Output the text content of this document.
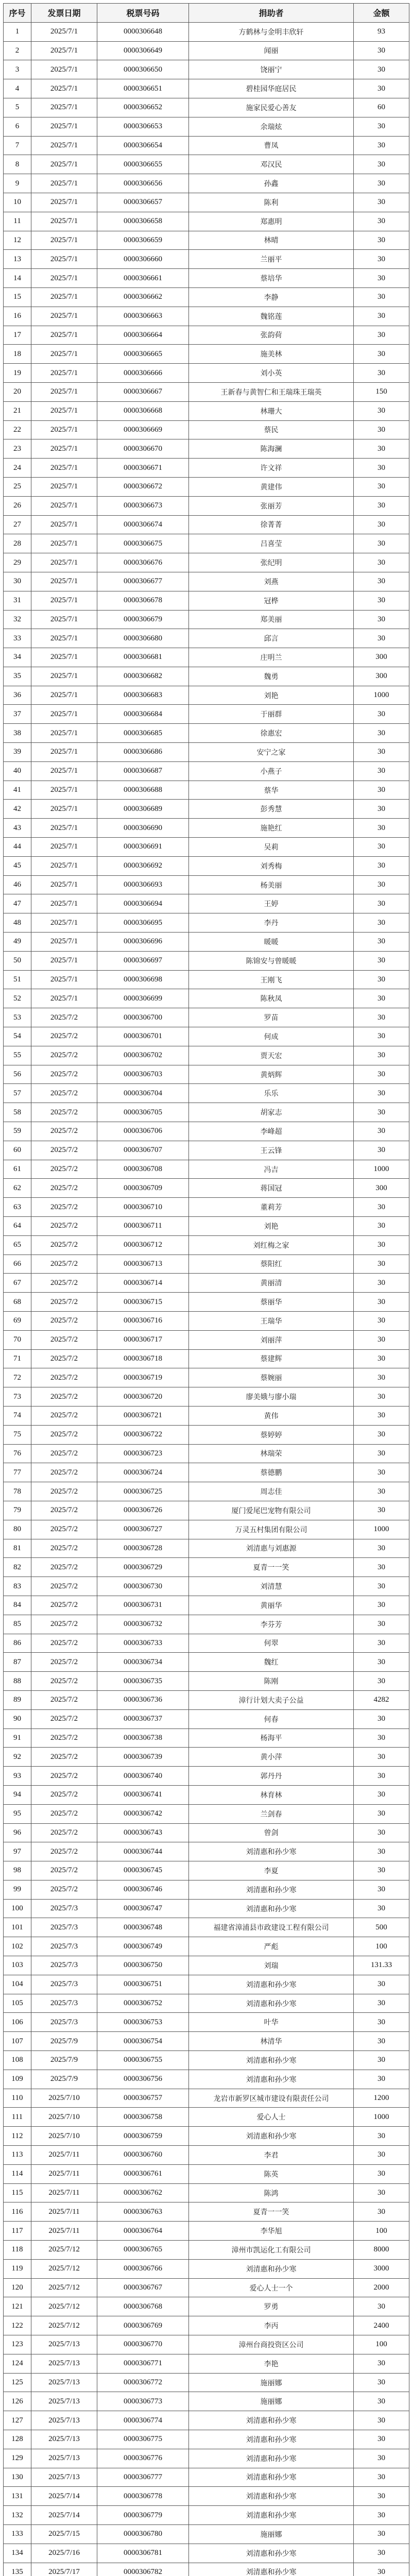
序号	发票日期	税票号码	捐助者	金额
1	2025/7/1	0000306648	方鹤林与金明丰欣轩	93
2	2025/7/1	0000306649	闻丽	30
3	2025/7/1	0000306650	饶丽宁	30
4	2025/7/1	0000306651	碧桂园华庭居民	30
5	2025/7/1	0000306652	施家民爱心善友	60
6	2025/7/1	0000306653	余瑞炫	30
7	2025/7/1	0000306654	曹凤	30
8	2025/7/1	0000306655	邓汉民	30
9	2025/7/1	0000306656	孙鑫	30
10	2025/7/1	0000306657	陈利	30
11	2025/7/1	0000306658	郑惠明	30
12	2025/7/1	0000306659	林晴	30
13	2025/7/1	0000306660	兰丽平	30
14	2025/7/1	0000306661	蔡培华	30
15	2025/7/1	0000306662	李静	30
16	2025/7/1	0000306663	魏铭莲	30
17	2025/7/1	0000306664	张韵荷	30
18	2025/7/1	0000306665	施美林	30
19	2025/7/1	0000306666	刘小英	30
20	2025/7/1	0000306667	王新春与黄智仁和王瑞珠王瑞英	150
21	2025/7/1	0000306668	林珊大	30
22	2025/7/1	0000306669	蔡民	30
23	2025/7/1	0000306670	陈海澜	30
24	2025/7/1	0000306671	许文祥	30
25	2025/7/1	0000306672	黄建伟	30
26	2025/7/1	0000306673	张丽芳	30
27	2025/7/1	0000306674	徐菁菁	30
28	2025/7/1	0000306675	吕喜莹	30
29	2025/7/1	0000306676	张纪明	30
30	2025/7/1	0000306677	刘燕	30
31	2025/7/1	0000306678	冠桦	30
32	2025/7/1	0000306679	郑美丽	30
33	2025/7/1	0000306680	邱言	30
34	2025/7/1	0000306681	庄明兰	300
35	2025/7/1	0000306682	魏勇	300
36	2025/7/1	0000306683	刘艳	1000
37	2025/7/1	0000306684	于丽群	30
38	2025/7/1	0000306685	徐惠宏	30
39	2025/7/1	0000306686	安宁之家	30
40	2025/7/1	0000306687	小燕子	30
41	2025/7/1	0000306688	蔡华	30
42	2025/7/1	0000306689	彭秀慧	30
43	2025/7/1	0000306690	施艳红	30
44	2025/7/1	0000306691	吴莉	30
45	2025/7/1	0000306692	刘秀梅	30
46	2025/7/1	0000306693	杨美丽	30
47	2025/7/1	0000306694	王婷	30
48	2025/7/1	0000306695	李丹	30
49	2025/7/1	0000306696	暖暖	30
50	2025/7/1	0000306697	陈锦安与曾暖暖	30
51	2025/7/1	0000306698	王刚飞	30
52	2025/7/1	0000306699	陈秋凤	30
53	2025/7/2	0000306700	罗苗	30
54	2025/7/2	0000306701	何成	30
55	2025/7/2	0000306702	贾天宏	30
56	2025/7/2	0000306703	黄炳辉	30
57	2025/7/2	0000306704	乐乐	30
58	2025/7/2	0000306705	胡家志	30
59	2025/7/2	0000306706	李峰超	30
60	2025/7/2	0000306707	王云锋	30
61	2025/7/2	0000306708	冯吉	1000
62	2025/7/2	0000306709	蒋国冠	300
63	2025/7/2	0000306710	董莉芳	30
64	2025/7/2	0000306711	刘艳	30
65	2025/7/2	0000306712	刘红梅之家	30
66	2025/7/2	0000306713	蔡阳红	30
67	2025/7/2	0000306714	黄丽清	30
68	2025/7/2	0000306715	蔡丽华	30
69	2025/7/2	0000306716	王瑞华	30
70	2025/7/2	0000306717	刘丽萍	30
71	2025/7/2	0000306718	蔡建辉	30
72	2025/7/2	0000306719	蔡婉丽	30
73	2025/7/2	0000306720	廖美娥与廖小瑞	30
74	2025/7/2	0000306721	黄伟	30
75	2025/7/2	0000306722	蔡婷婷	30
76	2025/7/2	0000306723	林瑞荣	30
77	2025/7/2	0000306724	蔡德鹏	30
78	2025/7/2	0000306725	周志佳	30
79	2025/7/2	0000306726	厦门爱尾巴宠物有限公司	30
80	2025/7/2	0000306727	万灵五村集团有限公司	1000
81	2025/7/2	0000306728	刘清惠与刘惠源	30
82	2025/7/2	0000306729	夏青一一笑	30
83	2025/7/2	0000306730	刘清慧	30
84	2025/7/2	0000306731	黄丽华	30
85	2025/7/2	0000306732	李芬芳	30
86	2025/7/2	0000306733	何翠	30
87	2025/7/2	0000306734	魏红	30
88	2025/7/2	0000306735	陈刚	30
89	2025/7/2	0000306736	漳行计划大卖子公益	4282
90	2025/7/2	0000306737	何春	30
91	2025/7/2	0000306738	杨海平	30
92	2025/7/2	0000306739	黄小萍	30
93	2025/7/2	0000306740	郭丹丹	30
94	2025/7/2	0000306741	林育林	30
95	2025/7/2	0000306742	兰剑春	30
96	2025/7/2	0000306743	曾剑	30
97	2025/7/2	0000306744	刘清惠和孙少寒	30
98	2025/7/2	0000306745	李夏	30
99	2025/7/2	0000306746	刘清惠和孙少寒	30
100	2025/7/3	0000306747	刘清惠和孙少寒	30
101	2025/7/3	0000306748	福建省漳浦县市政建设工程有限公司	500
102	2025/7/3	0000306749	严彪	100
103	2025/7/3	0000306750	刘瑞	131.33
104	2025/7/3	0000306751	刘清惠和孙少寒	30
105	2025/7/3	0000306752	刘清惠和孙少寒	30
106	2025/7/3	0000306753	叶华	30
107	2025/7/9	0000306754	林清华	30
108	2025/7/9	0000306755	刘清惠和孙少寒	30
109	2025/7/9	0000306756	刘清惠和孙少寒	30
110	2025/7/10	0000306757	龙岩市新罗区城市建设有限责任公司	1200
111	2025/7/10	0000306758	爱心人士	1000
112	2025/7/10	0000306759	刘清惠和孙少寒	30
113	2025/7/11	0000306760	李君	30
114	2025/7/11	0000306761	陈英	30
115	2025/7/11	0000306762	陈鸿	30
116	2025/7/11	0000306763	夏青一一笑	30
117	2025/7/11	0000306764	李华旭	100
118	2025/7/12	0000306765	漳州市凯运化工有限公司	8000
119	2025/7/12	0000306766	刘清惠和孙少寒	3000
120	2025/7/12	0000306767	爱心人士一个	2000
121	2025/7/12	0000306768	罗勇	30
122	2025/7/12	0000306769	李丙	2400
123	2025/7/13	0000306770	漳州台商投资区公司	100
124	2025/7/13	0000306771	李艳	30
125	2025/7/13	0000306772	施丽娜	30
126	2025/7/13	0000306773	施丽娜	30
127	2025/7/13	0000306774	刘清惠和孙少寒	30
128	2025/7/13	0000306775	刘清惠和孙少寒	30
129	2025/7/13	0000306776	刘清惠和孙少寒	30
130	2025/7/13	0000306777	刘清惠和孙少寒	30
131	2025/7/14	0000306778	刘清惠和孙少寒	30
132	2025/7/14	0000306779	刘清惠和孙少寒	30
133	2025/7/15	0000306780	施丽娜	30
134	2025/7/16	0000306781	刘清惠和孙少寒	30
135	2025/7/17	0000306782	刘清惠和孙少寒	30
